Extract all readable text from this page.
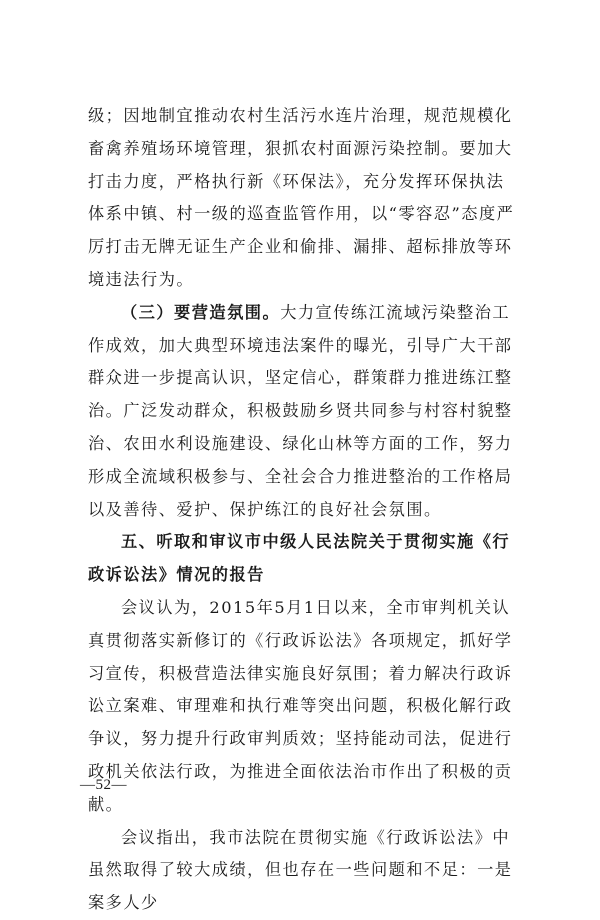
级；因地制宜推动农村生活污水连片治理，规范规模化畜禽养殖场环境管理，狠抓农村面源污染控制。要加大打击力度，严格执行新《环保法》，充分发挥环保执法体系中镇、村一级的巡查监管作用，以“零容忍”态度严厉打击无牌无证生产企业和偷排、漏排、超标排放等环境违法行为。

（三）要营造氛围。大力宣传练江流域污染整治工作成效，加大典型环境违法案件的曝光，引导广大干部群众进一步提高认识，坚定信心，群策群力推进练江整治。广泛发动群众，积极鼓励乡贤共同参与村容村貌整治、农田水利设施建设、绿化山林等方面的工作，努力形成全流域积极参与、全社会合力推进整治的工作格局以及善待、爱护、保护练江的良好社会氛围。

五、听取和审议市中级人民法院关于贯彻实施《行政诉讼法》情况的报告

会议认为，2015年5月1日以来，全市审判机关认真贯彻落实新修订的《行政诉讼法》各项规定，抓好学习宣传，积极营造法律实施良好氛围；着力解决行政诉讼立案难、审理难和执行难等突出问题，积极化解行政争议，努力提升行政审判质效；坚持能动司法，促进行政机关依法行政，为推进全面依法治市作出了积极的贡献。

会议指出，我市法院在贯彻实施《行政诉讼法》中虽然取得了较大成绩，但也存在一些问题和不足：一是案多人少

—52—
